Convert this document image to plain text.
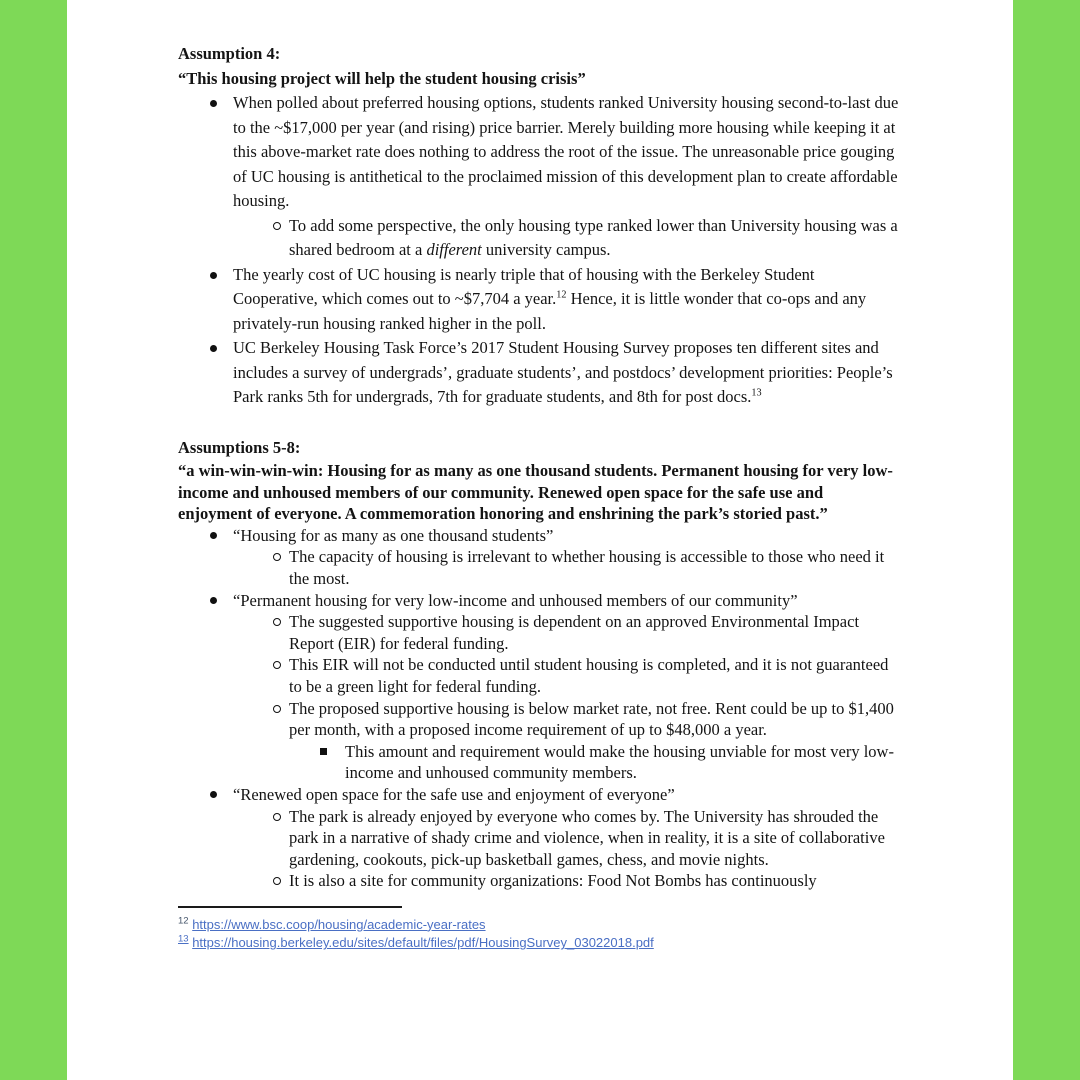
Assumption 4:

“This housing project will help the student housing crisis”

When polled about preferred housing options, students ranked University housing second-to-last due to the ~$17,000 per year (and rising) price barrier. Merely building more housing while keeping it at this above-market rate does nothing to address the root of the issue. The unreasonable price gouging of UC housing is antithetical to the proclaimed mission of this development plan to create affordable housing.
To add some perspective, the only housing type ranked lower than University housing was a shared bedroom at a different university campus.
The yearly cost of UC housing is nearly triple that of housing with the Berkeley Student Cooperative, which comes out to ~$7,704 a year.$^{12}$ Hence, it is little wonder that co-ops and any privately-run housing ranked higher in the poll.
UC Berkeley Housing Task Force’s 2017 Student Housing Survey proposes ten different sites and includes a survey of undergrads’, graduate students’, and postdocs’ development priorities: People’s Park ranks 5th for undergrads, 7th for graduate students, and 8th for post docs.$^{13}$

Assumptions 5-8:

“a win-win-win-win: Housing for as many as one thousand students. Permanent housing for very low-income and unhoused members of our community. Renewed open space for the safe use and enjoyment of everyone. A commemoration honoring and enshrining the park’s storied past.”

“Housing for as many as one thousand students”
The capacity of housing is irrelevant to whether housing is accessible to those who need it the most.
“Permanent housing for very low-income and unhoused members of our community”
The suggested supportive housing is dependent on an approved Environmental Impact Report (EIR) for federal funding.
This EIR will not be conducted until student housing is completed, and it is not guaranteed to be a green light for federal funding.
The proposed supportive housing is below market rate, not free. Rent could be up to $1,400 per month, with a proposed income requirement of up to $48,000 a year.
This amount and requirement would make the housing unviable for most very low-income and unhoused community members.
“Renewed open space for the safe use and enjoyment of everyone”
The park is already enjoyed by everyone who comes by. The University has shrouded the park in a narrative of shady crime and violence, when in reality, it is a site of collaborative gardening, cookouts, pick-up basketball games, chess, and movie nights.
It is also a site for community organizations: Food Not Bombs has continuously
$^{12}$ https://www.bsc.coop/housing/academic-year-rates
$^{13}$ https://housing.berkeley.edu/sites/default/files/pdf/HousingSurvey_03022018.pdf
